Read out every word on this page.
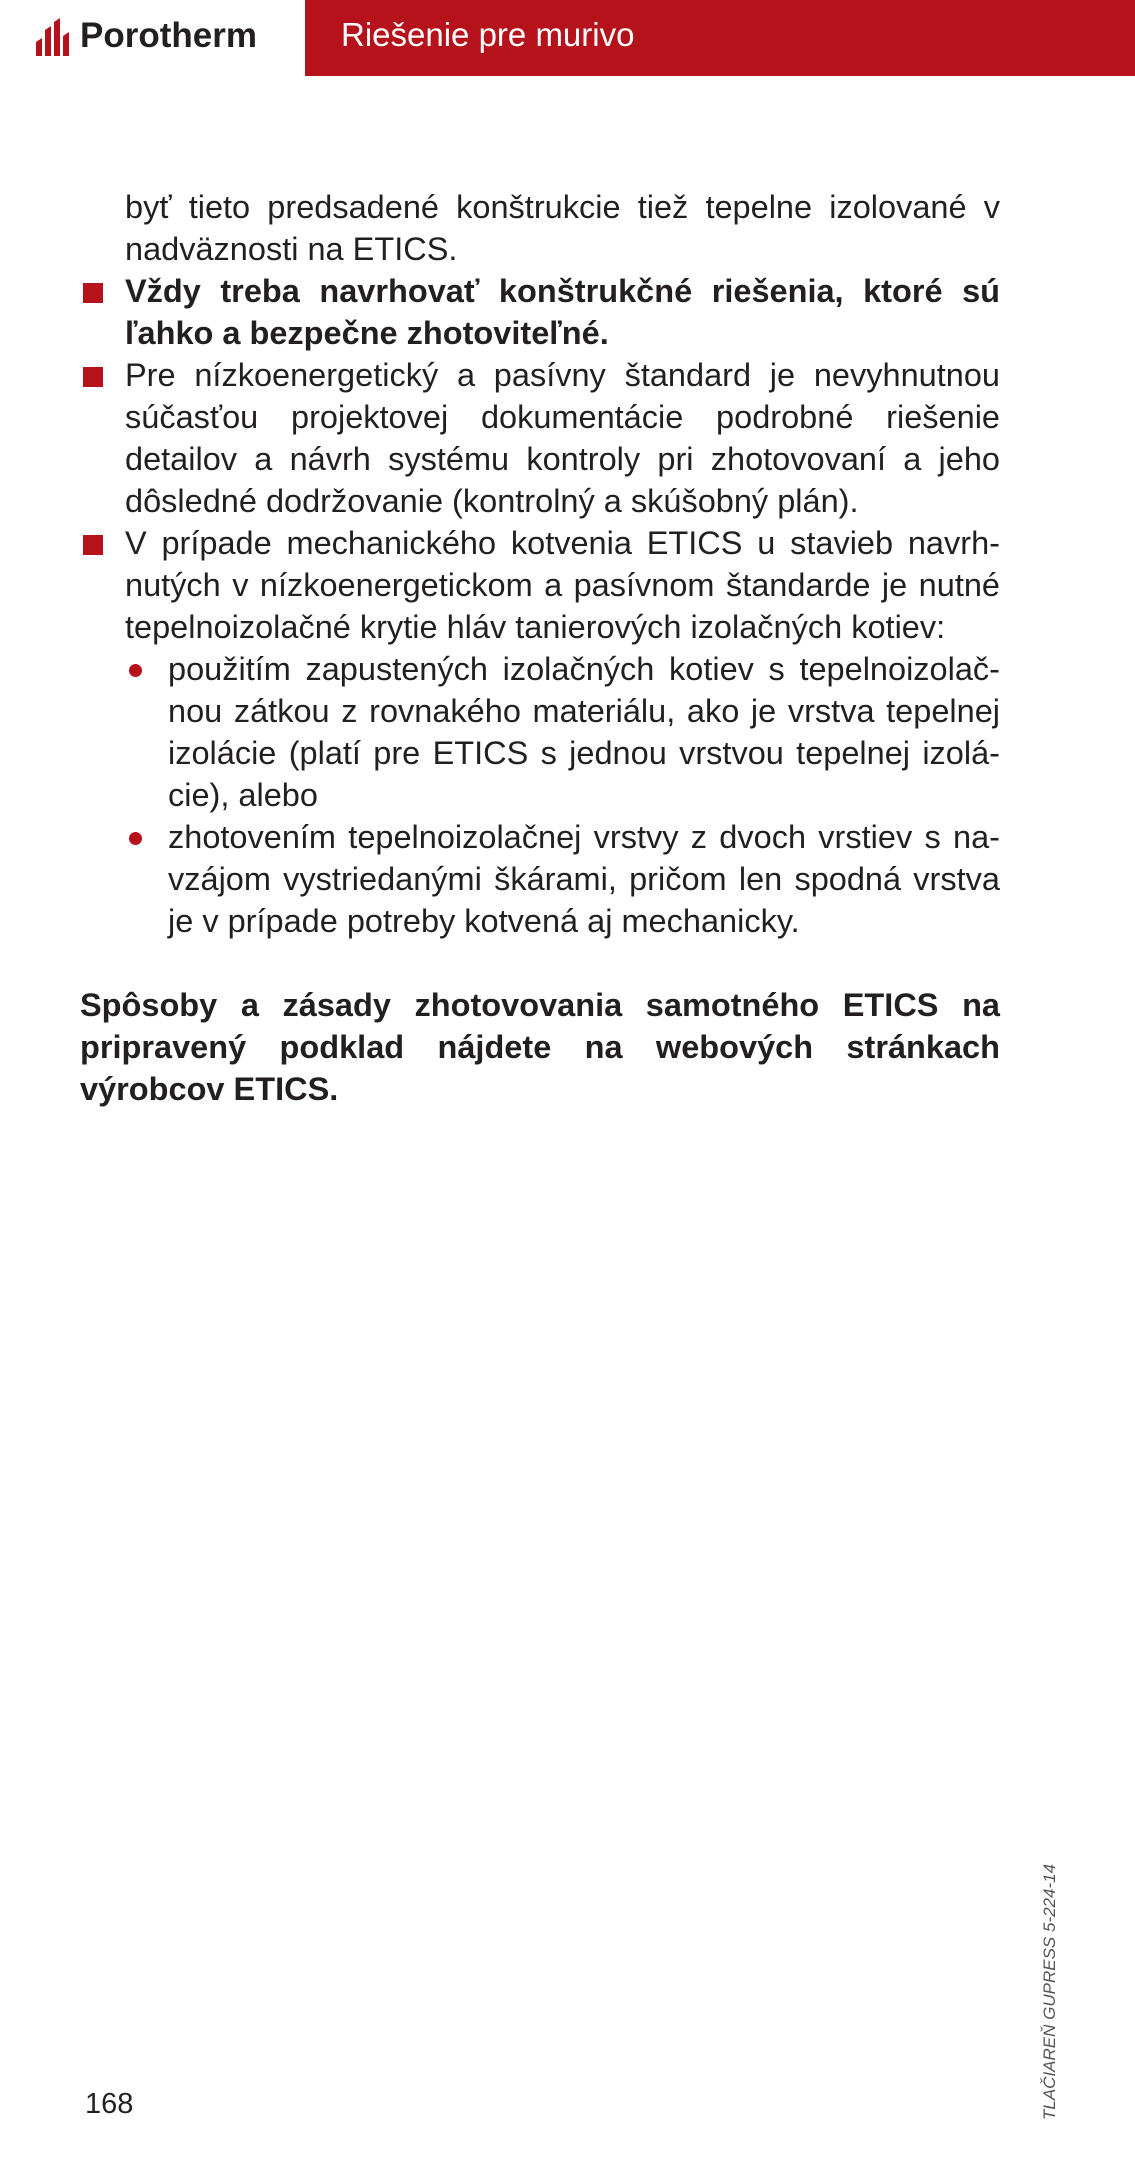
Porotherm	Riešenie pre murivo
byť tieto predsadené konštrukcie tiež tepelne izolované v nadväznosti na ETICS.
Vždy treba navrhovať konštrukčné riešenia, ktoré sú ľahko a bezpečne zhotoviteľné.
Pre nízkoenergetický a pasívny štandard je nevyhnutnou súčasťou projektovej dokumentácie podrobné riešenie detailov a návrh systému kontroly pri zhotovovaní a jeho dôsledné dodržovanie (kontrolný a skúšobný plán).
V prípade mechanického kotvenia ETICS u stavieb navrhnutých v nízkoenergetickom a pasívnom štandarde je nutné tepelnoizolačné krytie hláv tanierových izolačných kotiev:
použitím zapustených izolačných kotiev s tepelnoizolačnou zátkou z rovnakého materiálu, ako je vrstva tepelnej izolácie (platí pre ETICS s jednou vrstvou tepelnej izolácie), alebo
zhotovením tepelnoizolačnej vrstvy z dvoch vrstiev s navzájom vystriedanými škárami, pričom len spodná vrstva je v prípade potreby kotvená aj mechanicky.
Spôsoby a zásady zhotovovania samotného ETICS na pripravený podklad nájdete na webových stránkach výrobcov ETICS.
168	TLAČIAREŇ GUPRESS 5-224-14
